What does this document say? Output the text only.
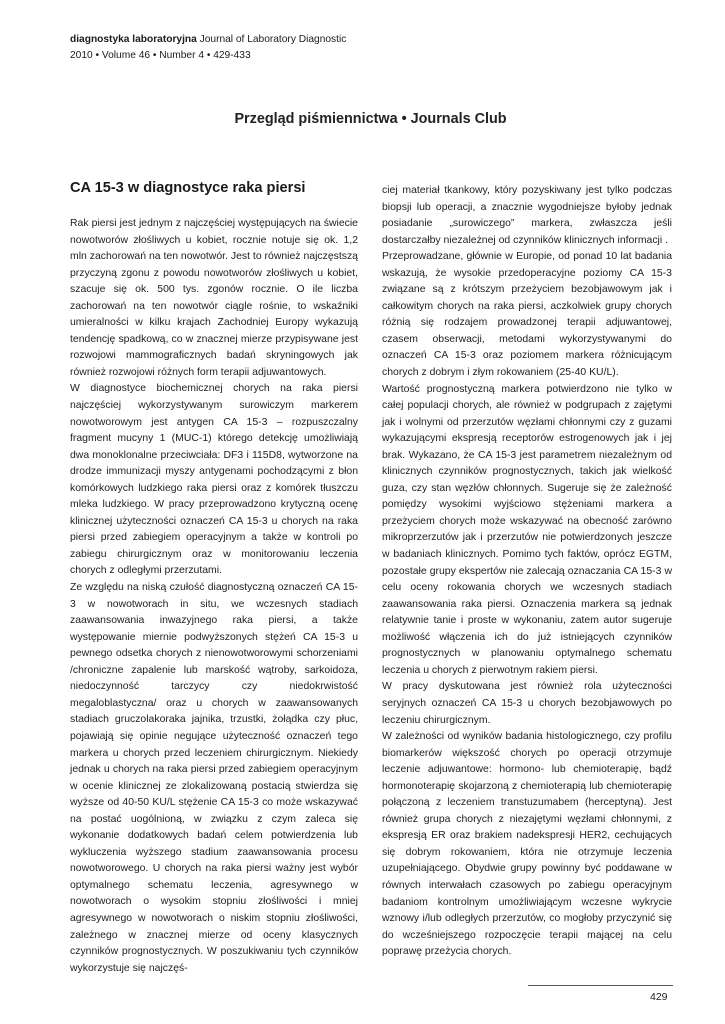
diagnostyka laboratoryjna Journal of Laboratory Diagnostic
2010 • Volume 46 • Number 4 • 429-433
Przegląd piśmiennictwa • Journals Club
CA 15-3 w diagnostyce raka piersi

Rak piersi jest jednym z najczęściej występujących na świecie nowotworów złośliwych u kobiet, rocznie notuje się ok. 1,2 mln zachorowań na ten nowotwór. Jest to również najczęstszą przyczyną zgonu z powodu nowotworów złośliwych u kobiet, szacuje się ok. 500 tys. zgonów rocznie. O ile liczba zachorowań na ten nowotwór ciągle rośnie, to wskaźniki umieralności w kilku krajach Zachodniej Europy wykazują tendencję spadkową, co w znacznej mierze przypisywane jest rozwojowi mammograficznych badań skryningowych jak również rozwojowi różnych form terapii adjuwantowych.

W diagnostyce biochemicznej chorych na raka piersi najczęściej wykorzystywanym surowiczym markerem nowotworowym jest antygen CA 15-3 – rozpuszczalny fragment mucyny 1 (MUC-1) którego detekcję umożliwiają dwa monoklonalne przeciwciała: DF3 i 115D8, wytworzone na drodze immunizacji myszy antygenami pochodzącymi z błon komórkowych ludzkiego raka piersi oraz z komórek tłuszczu mleka ludzkiego. W pracy przeprowadzono krytyczną ocenę klinicznej użyteczności oznaczeń CA 15-3 u chorych na raka piersi przed zabiegiem operacyjnym a także w kontroli po zabiegu chirurgicznym oraz w monitorowaniu leczenia chorych z odległymi przerzutami.

Ze względu na niską czułość diagnostyczną oznaczeń CA 15-3 w nowotworach in situ, we wczesnych stadiach zaawansowania inwazyjnego raka piersi, a także występowanie miernie podwyższonych stężeń CA 15-3 u pewnego odsetka chorych z nienowotworowymi schorzeniami /chroniczne zapalenie lub marskość wątroby, sarkoidoza, niedoczynność tarczycy czy niedokrwistość megaloblastyczna/ oraz u chorych w zaawansowanych stadiach gruczolakoraka jajnika, trzustki, żołądka czy płuc, pojawiają się opinie negujące użyteczność oznaczeń tego markera u chorych przed leczeniem chirurgicznym. Niekiedy jednak u chorych na raka piersi przed zabiegiem operacyjnym w ocenie klinicznej ze zlokalizowaną postacią stwierdza się wyższe od 40-50 KU/L stężenie CA 15-3 co może wskazywać na postać uogólnioną, w związku z czym zaleca się wykonanie dodatkowych badań celem potwierdzenia lub wykluczenia wyższego stadium zaawansowania procesu nowotworowego. U chorych na raka piersi ważny jest wybór optymalnego schematu leczenia, agresywnego w nowotworach o wysokim stopniu złośliwości i mniej agresywnego w nowotworach o niskim stopniu złośliwości, zależnego w znacznej mierze od oceny klasycznych czynników prognostycznych. W poszukiwaniu tych czynników wykorzystuje się najczęś-

ciej materiał tkankowy, który pozyskiwany jest tylko podczas biopsji lub operacji, a znacznie wygodniejsze byłoby jednak posiadanie „surowiczego” markera, zwłaszcza jeśli dostarczałby niezależnej od czynników klinicznych informacji .

Przeprowadzane, głównie w Europie, od ponad 10 lat badania wskazują, że wysokie przedoperacyjne poziomy CA 15-3 związane są z krótszym przeżyciem bezobjawowym jak i całkowitym chorych na raka piersi, aczkolwiek grupy chorych różnią się rodzajem prowadzonej terapii adjuwantowej, czasem obserwacji, metodami wykorzystywanymi do oznaczeń CA 15-3 oraz poziomem markera różnicującym chorych z dobrym i złym rokowaniem (25-40 KU/L).

Wartość prognostyczną markera potwierdzono nie tylko w całej populacji chorych, ale również w podgrupach z zajętymi jak i wolnymi od przerzutów węzłami chłonnymi czy z guzami wykazującymi ekspresją receptorów estrogenowych jak i jej brak. Wykazano, że CA 15-3 jest parametrem niezależnym od klinicznych czynników prognostycznych, takich jak wielkość guza, czy stan węzłów chłonnych. Sugeruje się że zależność pomiędzy wysokimi wyjściowo stężeniami markera a przeżyciem chorych może wskazywać na obecność zarówno mikroprzerzutów jak i przerzutów nie potwierdzonych jeszcze w badaniach klinicznych. Pomimo tych faktów, oprócz EGTM, pozostałe grupy ekspertów nie zalecają oznaczania CA 15-3 w celu oceny rokowania chorych we wczesnych stadiach zaawansowania raka piersi. Oznaczenia markera są jednak relatywnie tanie i proste w wykonaniu, zatem autor sugeruje możliwość włączenia ich do już istniejących czynników prognostycznych w planowaniu optymalnego schematu leczenia u chorych z pierwotnym rakiem piersi.

W pracy dyskutowana jest również rola użyteczności seryjnych oznaczeń CA 15-3 u chorych bezobjawowych po leczeniu chirurgicznym.

W zależności od wyników badania histologicznego, czy profilu biomarkerów większość chorych po operacji otrzymuje leczenie adjuwantowe: hormono- lub chemioterapię, bądź hormonoterapię skojarzoną z chemioterapią lub chemioterapię połączoną z leczeniem transtuzumabem (herceptyną). Jest również grupa chorych z niezajętymi węzłami chłonnymi, z ekspresją ER oraz brakiem nadekspresji HER2, cechujących się dobrym rokowaniem, która nie otrzymuje leczenia uzupełniającego. Obydwie grupy powinny być poddawane w równych interwałach czasowych po zabiegu operacyjnym badaniom kontrolnym umożliwiającym wczesne wykrycie wznowy i/lub odległych przerzutów, co mogłoby przyczynić się do wcześniejszego rozpoczęcie terapii mającej na celu poprawę przeżycia chorych.

429
